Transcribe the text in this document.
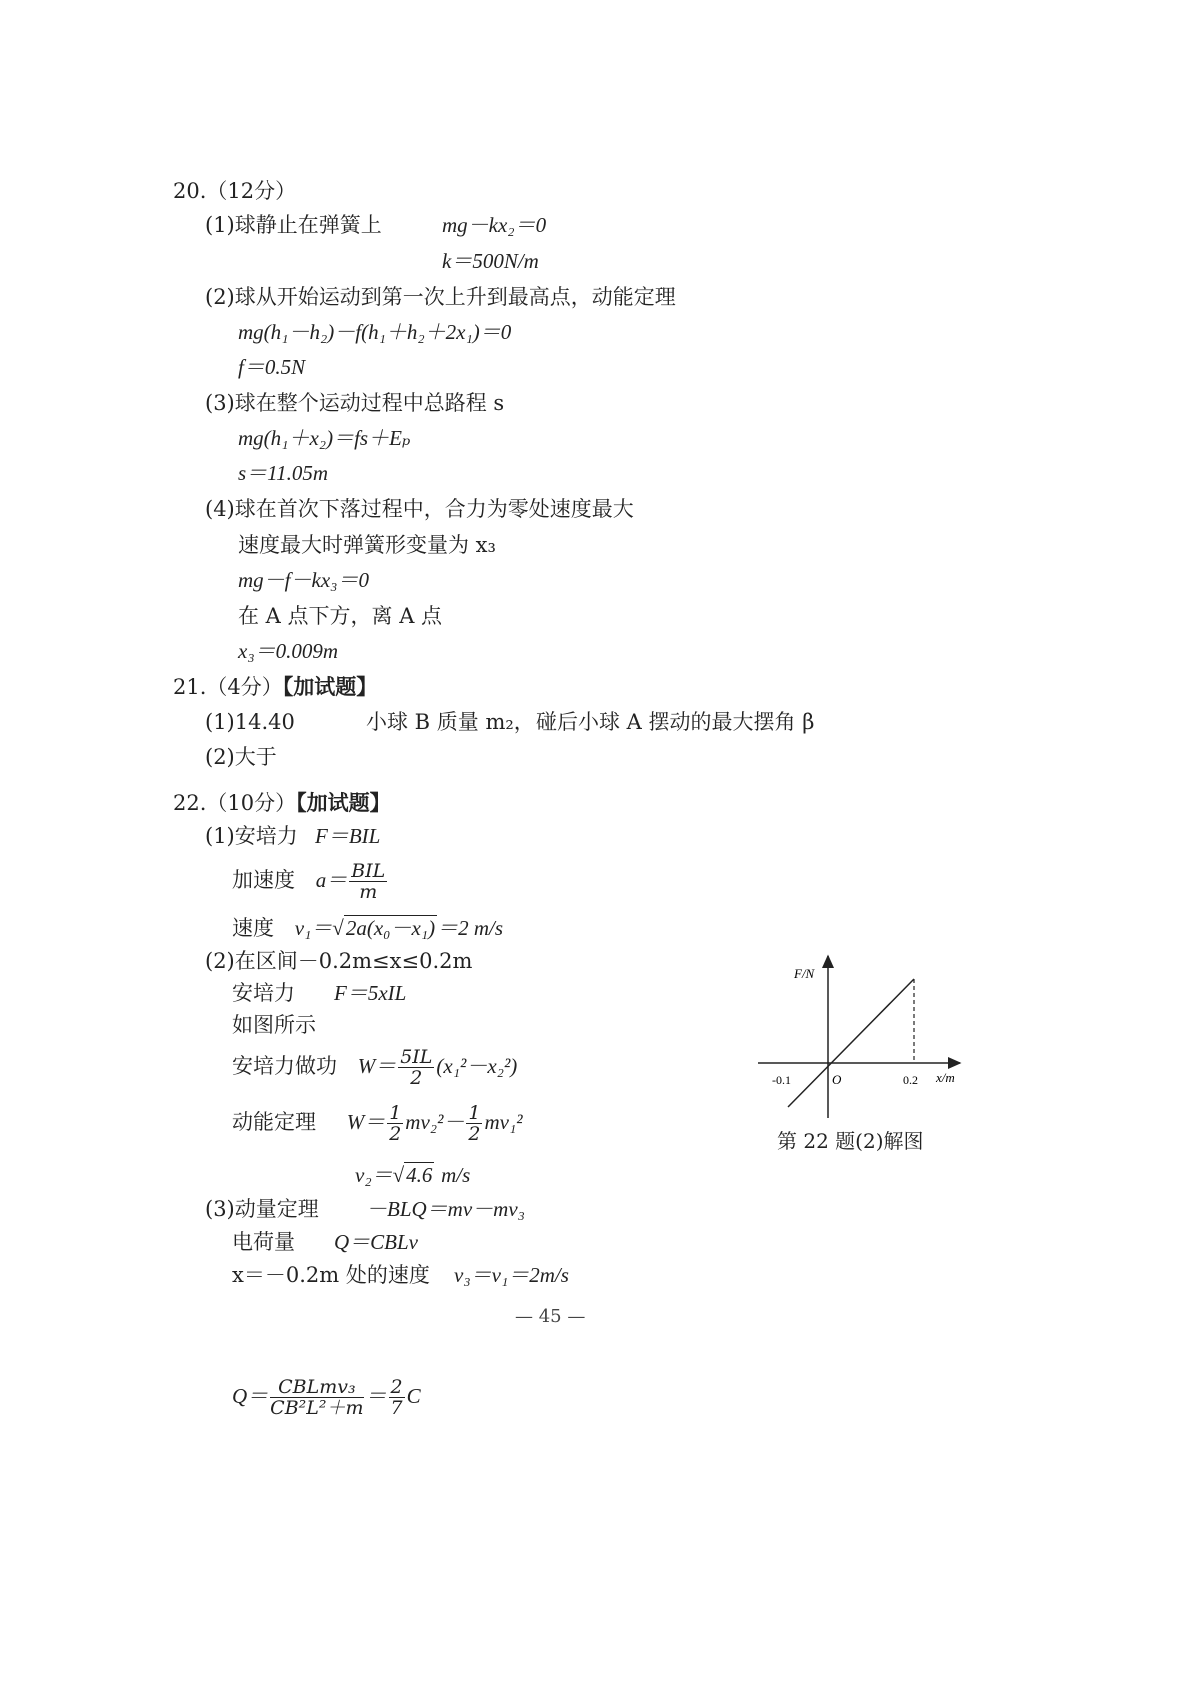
20.（12分）
(1)球静止在弹簧上	mg－kx₂＝0
k＝500N/m
(2)球从开始运动到第一次上升到最高点，动能定理
mg(h₁－h₂)－f(h₁＋h₂＋2x₁)＝0
f＝0.5N
(3)球在整个运动过程中总路程 s
mg(h₁＋x₂)＝fs＋Eₚ
s＝11.05m
(4)球在首次下落过程中，合力为零处速度最大
速度最大时弹簧形变量为 x₃
mg－f－kx₃＝0
在 A 点下方，离 A 点
x₃＝0.009m
21.（4分）【加试题】
(1)14.40	小球 B 质量 m₂， 碰后小球 A 摆动的最大摆角 β
(2)大于
22.（10分）【加试题】
(1)安培力 F＝BIL
加速度 $a= \frac{\text{BIL}}{m}$
速度 v₁＝√2a(x₀－x₁)＝2 m/s
(2)在区间－0.2m≤x≤0.2m
安培力 F＝5xIL
如图所示
安培力做功 $W= \frac{5IL}{2} (x_1^2-x_2^2)$
动能定理 $W= \frac{1}{2} mv_2^2- \frac{1}{2} mv_1^2$
v₂＝√4.6 m/s
(3)动量定理 －BLQ＝mv－mv₃
电荷量 Q＝CBLv
x＝－0.2m 处的速度 v₃＝v₁＝2m/s
— 45 —
$Q= \frac{\text{CBLmv₃}}{\text{CB²L²＋m}} = \frac{2}{7}$ C
F/N
x/m
O
-0.1	0.2
第 22 题(2)解图
